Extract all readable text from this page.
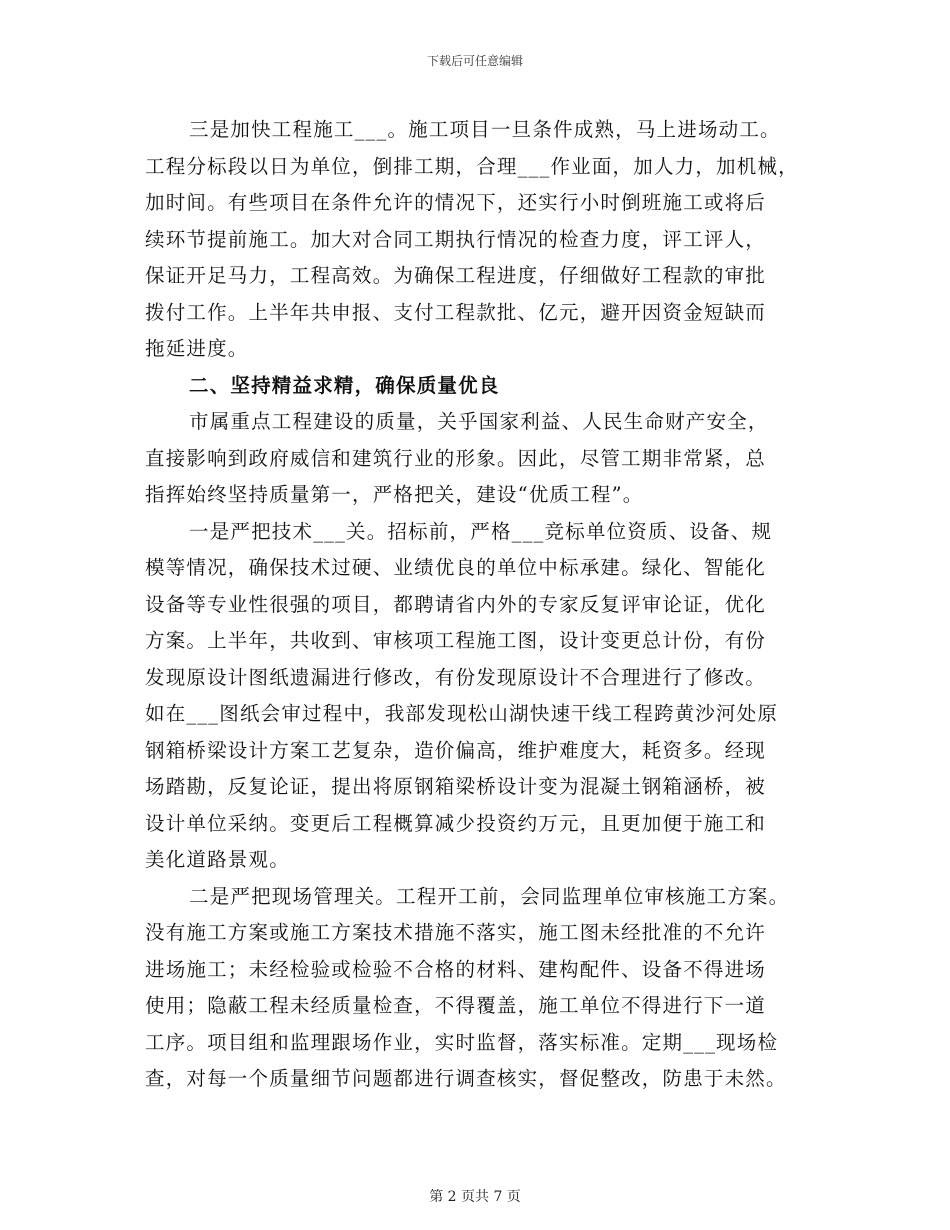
下载后可任意编辑
三是加快工程施工___。施工项目一旦条件成熟，马上进场动工。
工程分标段以日为单位，倒排工期，合理___作业面，加人力，加机械，
加时间。有些项目在条件允许的情况下，还实行小时倒班施工或将后
续环节提前施工。加大对合同工期执行情况的检查力度，评工评人，
保证开足马力，工程高效。为确保工程进度，仔细做好工程款的审批
拨付工作。上半年共申报、支付工程款批、亿元，避开因资金短缺而
拖延进度。
二、坚持精益求精，确保质量优良
市属重点工程建设的质量，关乎国家利益、人民生命财产安全，
直接影响到政府威信和建筑行业的形象。因此，尽管工期非常紧，总
指挥始终坚持质量第一，严格把关，建设“优质工程”。
一是严把技术___关。招标前，严格___竞标单位资质、设备、规
模等情况，确保技术过硬、业绩优良的单位中标承建。绿化、智能化
设备等专业性很强的项目，都聘请省内外的专家反复评审论证，优化
方案。上半年，共收到、审核项工程施工图，设计变更总计份，有份
发现原设计图纸遗漏进行修改，有份发现原设计不合理进行了修改。
如在___图纸会审过程中，我部发现松山湖快速干线工程跨黄沙河处原
钢箱桥梁设计方案工艺复杂，造价偏高，维护难度大，耗资多。经现
场踏勘，反复论证，提出将原钢箱梁桥设计变为混凝土钢箱涵桥，被
设计单位采纳。变更后工程概算减少投资约万元，且更加便于施工和
美化道路景观。
二是严把现场管理关。工程开工前，会同监理单位审核施工方案。
没有施工方案或施工方案技术措施不落实，施工图未经批准的不允许
进场施工；未经检验或检验不合格的材料、建构配件、设备不得进场
使用；隐蔽工程未经质量检查，不得覆盖，施工单位不得进行下一道
工序。项目组和监理跟场作业，实时监督，落实标准。定期___现场检
查，对每一个质量细节问题都进行调查核实，督促整改，防患于未然。
第 2 页共 7 页
